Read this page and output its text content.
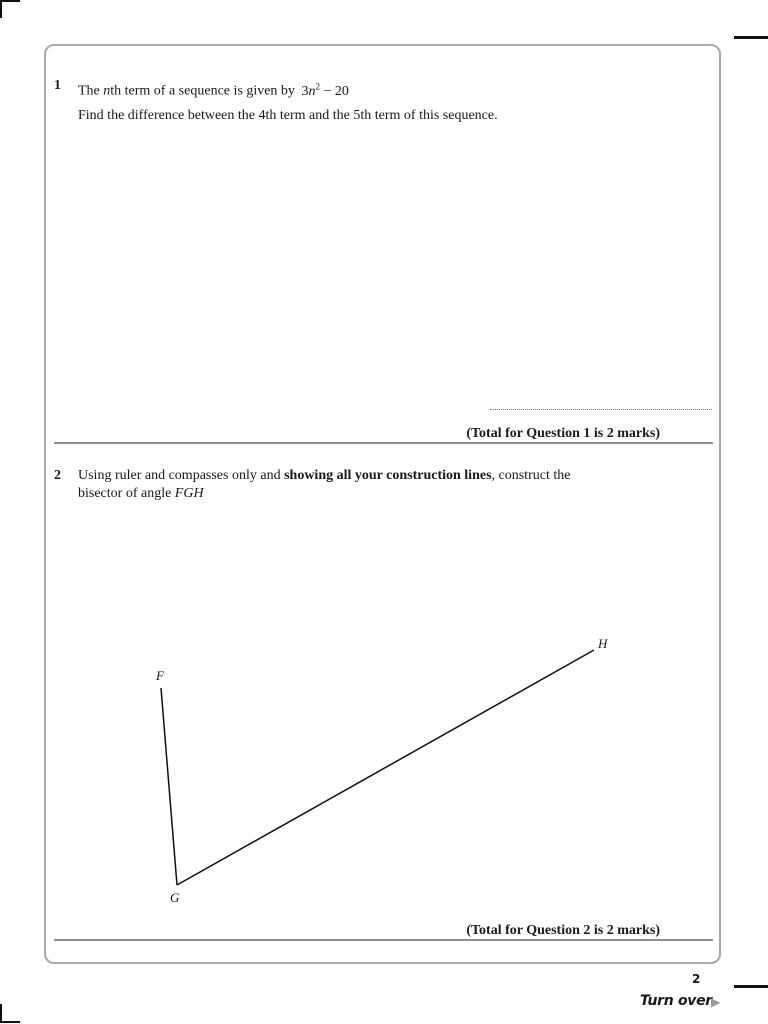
1 The nth term of a sequence is given by $3n^2 - 20$
Find the difference between the 4th term and the 5th term of this sequence.
(Total for Question 1 is 2 marks)
2 Using ruler and compasses only and showing all your construction lines, construct the
bisector of angle FGH
F
G
H
(Total for Question 2 is 2 marks)
2
Turn over ▶
